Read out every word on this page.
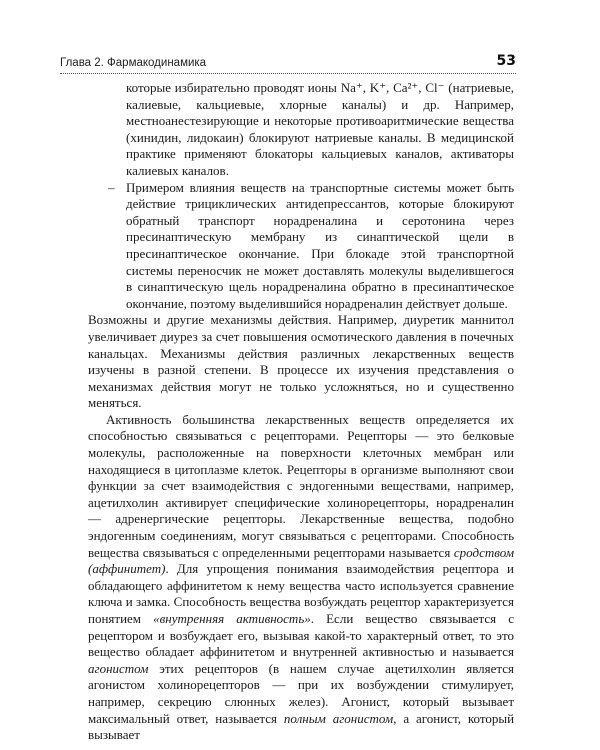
Глава 2. Фармакодинамика	53

которые избирательно проводят ионы Na⁺, K⁺, Ca²⁺, Cl⁻ (натриевые, калиевые, кальциевые, хлорные каналы) и др. Например, местноанестезирующие и некоторые противоаритмические вещества (хинидин, лидокаин) блокируют натриевые каналы. В медицинской практике применяют блокаторы кальциевых каналов, активаторы калиевых каналов.

– Примером влияния веществ на транспортные системы может быть действие трициклических антидепрессантов, которые блокируют обратный транспорт норадреналина и серотонина через пресинаптическую мембрану из синаптической щели в пресинаптическое окончание. При блокаде этой транспортной системы переносчик не может доставлять молекулы выделившегося в синаптическую щель норадреналина обратно в пресинаптическое окончание, поэтому выделившийся норадреналин действует дольше.

Возможны и другие механизмы действия. Например, диуретик маннитол увеличивает диурез за счет повышения осмотического давления в почечных канальцах. Механизмы действия различных лекарственных веществ изучены в разной степени. В процессе их изучения представления о механизмах действия могут не только усложняться, но и существенно меняться.

Активность большинства лекарственных веществ определяется их способностью связываться с рецепторами. Рецепторы — это белковые молекулы, расположенные на поверхности клеточных мембран или находящиеся в цитоплазме клеток. Рецепторы в организме выполняют свои функции за счет взаимодействия с эндогенными веществами, например, ацетилхолин активирует специфические холинорецепторы, норадреналин — адренергические рецепторы. Лекарственные вещества, подобно эндогенным соединениям, могут связываться с рецепторами. Способность вещества связываться с определенными рецепторами называется сродством (аффинитет). Для упрощения понимания взаимодействия рецептора и обладающего аффинитетом к нему вещества часто используется сравнение ключа и замка. Способность вещества возбуждать рецептор характеризуется понятием «внутренняя активность». Если вещество связывается с рецептором и возбуждает его, вызывая какой-то характерный ответ, то это вещество обладает аффинитетом и внутренней активностью и называется агонистом этих рецепторов (в нашем случае ацетилхолин является агонистом холинорецепторов — при их возбуждении стимулирует, например, секрецию слюнных желез). Агонист, который вызывает максимальный ответ, называется полным агонистом, а агонист, который вызывает
